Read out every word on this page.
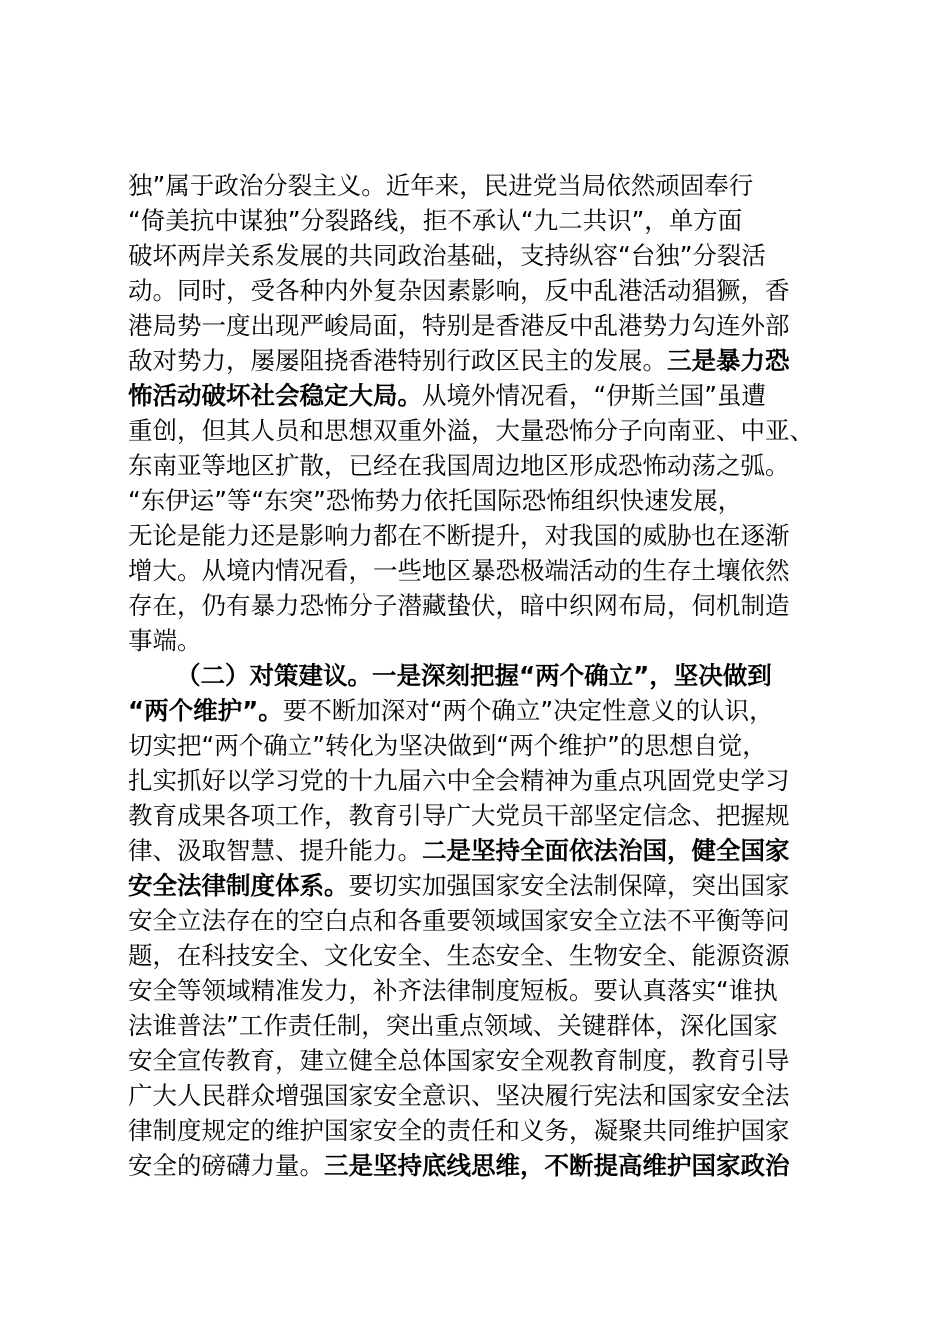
独”属于政治分裂主义。近年来，民进党当局依然顽固奉行
“倚美抗中谋独”分裂路线，拒不承认“九二共识”，单方面
破坏两岸关系发展的共同政治基础，支持纵容“台独”分裂活
动。同时，受各种内外复杂因素影响，反中乱港活动猖獗，香
港局势一度出现严峻局面，特别是香港反中乱港势力勾连外部
敌对势力，屡屡阻挠香港特别行政区民主的发展。三是暴力恐
怖活动破坏社会稳定大局。从境外情况看，“伊斯兰国”虽遭
重创，但其人员和思想双重外溢，大量恐怖分子向南亚、中亚、
东南亚等地区扩散，已经在我国周边地区形成恐怖动荡之弧。
“东伊运”等“东突”恐怖势力依托国际恐怖组织快速发展，
无论是能力还是影响力都在不断提升，对我国的威胁也在逐渐
增大。从境内情况看，一些地区暴恐极端活动的生存土壤依然
存在，仍有暴力恐怖分子潜藏蛰伏，暗中织网布局，伺机制造
事端。
（二）对策建议。一是深刻把握“两个确立”，坚决做到
“两个维护”。要不断加深对“两个确立”决定性意义的认识，
切实把“两个确立”转化为坚决做到“两个维护”的思想自觉，
扎实抓好以学习党的十九届六中全会精神为重点巩固党史学习
教育成果各项工作，教育引导广大党员干部坚定信念、把握规
律、汲取智慧、提升能力。二是坚持全面依法治国，健全国家
安全法律制度体系。要切实加强国家安全法制保障，突出国家
安全立法存在的空白点和各重要领域国家安全立法不平衡等问
题，在科技安全、文化安全、生态安全、生物安全、能源资源
安全等领域精准发力，补齐法律制度短板。要认真落实“谁执
法谁普法”工作责任制，突出重点领域、关键群体，深化国家
安全宣传教育，建立健全总体国家安全观教育制度，教育引导
广大人民群众增强国家安全意识、坚决履行宪法和国家安全法
律制度规定的维护国家安全的责任和义务，凝聚共同维护国家
安全的磅礴力量。三是坚持底线思维，不断提高维护国家政治
